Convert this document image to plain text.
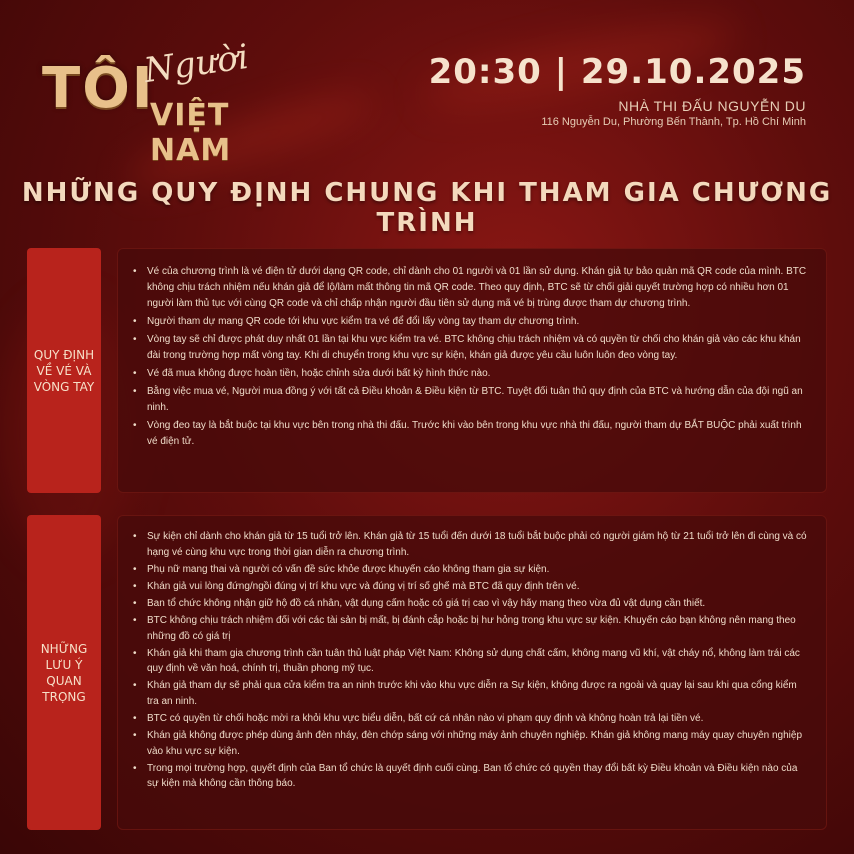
TÔI
Người
VIỆT NAM
20:30 | 29.10.2025
NHÀ THI ĐẤU NGUYỄN DU
116 Nguyễn Du, Phường Bến Thành, Tp. Hồ Chí Minh
NHỮNG QUY ĐỊNH CHUNG KHI THAM GIA CHƯƠNG TRÌNH
QUY ĐỊNH
VỀ VÉ VÀ
VÒNG TAY
• Vé của chương trình là vé điện tử dưới dạng QR code, chỉ dành cho 01 người và 01 lần sử dụng. Khán giả tự bảo quản mã QR code của mình. BTC không chịu trách nhiệm nếu khán giả để lộ/làm mất thông tin mã QR code. Theo quy định, BTC sẽ từ chối giải quyết trường hợp có nhiều hơn 01 người làm thủ tục với cùng QR code và chỉ chấp nhận người đầu tiên sử dụng mã vé bị trùng được tham dự chương trình.
• Người tham dự mang QR code tới khu vực kiểm tra vé để đổi lấy vòng tay tham dự chương trình.
• Vòng tay sẽ chỉ được phát duy nhất 01 lần tại khu vực kiểm tra vé. BTC không chịu trách nhiệm và có quyền từ chối cho khán giả vào các khu khán đài trong trường hợp mất vòng tay. Khi di chuyển trong khu vực sự kiện, khán giả được yêu cầu luôn luôn đeo vòng tay.
• Vé đã mua không được hoàn tiền, hoặc chỉnh sửa dưới bất kỳ hình thức nào.
• Bằng việc mua vé, Người mua đồng ý với tất cả Điều khoản & Điều kiện từ BTC. Tuyệt đối tuân thủ quy định của BTC và hướng dẫn của đội ngũ an ninh.
• Vòng đeo tay là bắt buộc tại khu vực bên trong nhà thi đấu. Trước khi vào bên trong khu vực nhà thi đấu, người tham dự BẮT BUỘC phải xuất trình vé điện tử.
NHỮNG
LƯU Ý
QUAN TRỌNG
• Sự kiện chỉ dành cho khán giả từ 15 tuổi trở lên. Khán giả từ 15 tuổi đến dưới 18 tuổi bắt buộc phải có người giám hộ từ 21 tuổi trở lên đi cùng và có hạng vé cùng khu vực trong thời gian diễn ra chương trình.
• Phụ nữ mang thai và người có vấn đề sức khỏe được khuyến cáo không tham gia sự kiện.
• Khán giả vui lòng đứng/ngồi đúng vị trí khu vực và đúng vị trí số ghế mà BTC đã quy định trên vé.
• Ban tổ chức không nhận giữ hộ đồ cá nhân, vật dụng cấm hoặc có giá trị cao vì vậy hãy mang theo vừa đủ vật dụng cần thiết.
• BTC không chịu trách nhiệm đối với các tài sản bị mất, bị đánh cắp hoặc bị hư hỏng trong khu vực sự kiện. Khuyến cáo bạn không nên mang theo những đồ có giá trị
• Khán giả khi tham gia chương trình cần tuân thủ luật pháp Việt Nam: Không sử dụng chất cấm, không mang vũ khí, vật cháy nổ, không làm trái các quy định về văn hoá, chính trị, thuần phong mỹ tục.
• Khán giả tham dự sẽ phải qua cửa kiểm tra an ninh trước khi vào khu vực diễn ra Sự kiện, không được ra ngoài và quay lại sau khi qua cổng kiểm tra an ninh.
• BTC có quyền từ chối hoặc mời ra khỏi khu vực biểu diễn, bất cứ cá nhân nào vi phạm quy định và không hoàn trả lại tiền vé.
• Khán giả không được phép dùng ảnh đèn nháy, đèn chớp sáng với những máy ảnh chuyên nghiệp. Khán giả không mang máy quay chuyên nghiệp vào khu vực sự kiện.
• Trong mọi trường hợp, quyết định của Ban tổ chức là quyết định cuối cùng. Ban tổ chức có quyền thay đổi bất kỳ Điều khoản và Điều kiện nào của sự kiện mà không cần thông báo.
